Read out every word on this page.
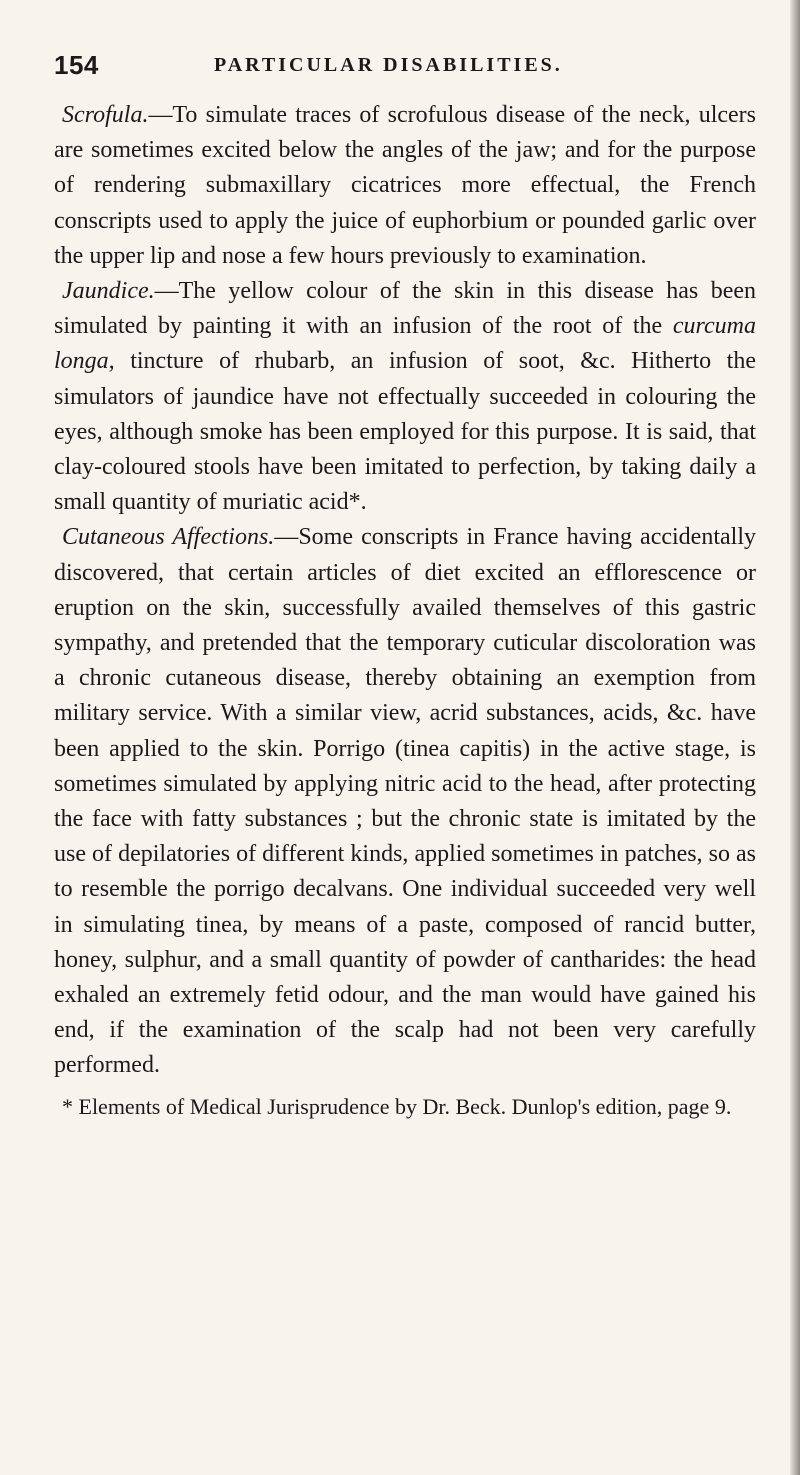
154	PARTICULAR DISABILITIES.

Scrofula.—To simulate traces of scrofulous disease of the neck, ulcers are sometimes excited below the angles of the jaw; and for the purpose of rendering submaxillary cicatrices more effectual, the French conscripts used to apply the juice of euphorbium or pounded garlic over the upper lip and nose a few hours previously to examination.

Jaundice.—The yellow colour of the skin in this disease has been simulated by painting it with an infusion of the root of the curcuma longa, tincture of rhubarb, an infusion of soot, &c. Hitherto the simulators of jaundice have not effectually succeeded in colouring the eyes, although smoke has been employed for this purpose. It is said, that clay-coloured stools have been imitated to perfection, by taking daily a small quantity of muriatic acid*.

Cutaneous Affections.—Some conscripts in France having accidentally discovered, that certain articles of diet excited an efflorescence or eruption on the skin, successfully availed themselves of this gastric sympathy, and pretended that the temporary cuticular discoloration was a chronic cutaneous disease, thereby obtaining an exemption from military service. With a similar view, acrid substances, acids, &c. have been applied to the skin. Porrigo (tinea capitis) in the active stage, is sometimes simulated by applying nitric acid to the head, after protecting the face with fatty substances ; but the chronic state is imitated by the use of depilatories of different kinds, applied sometimes in patches, so as to resemble the porrigo decalvans. One individual succeeded very well in simulating tinea, by means of a paste, composed of rancid butter, honey, sulphur, and a small quantity of powder of cantharides: the head exhaled an extremely fetid odour, and the man would have gained his end, if the examination of the scalp had not been very carefully performed.

* Elements of Medical Jurisprudence by Dr. Beck. Dunlop's edition, page 9.
